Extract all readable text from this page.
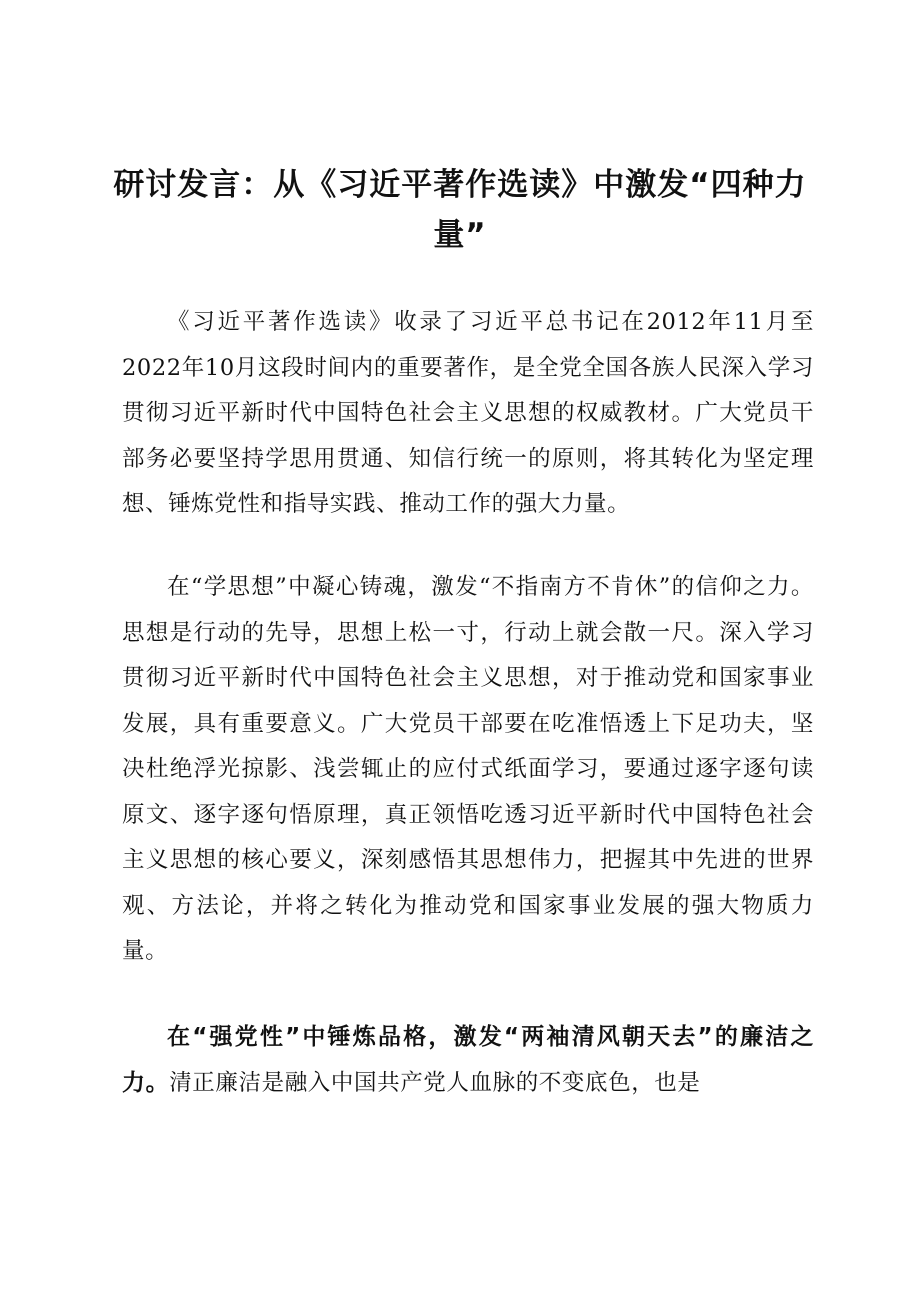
研讨发言：从《习近平著作选读》中激发“四种力量”

《习近平著作选读》收录了习近平总书记在2012年11月至2022年10月这段时间内的重要著作，是全党全国各族人民深入学习贯彻习近平新时代中国特色社会主义思想的权威教材。广大党员干部务必要坚持学思用贯通、知信行统一的原则，将其转化为坚定理想、锤炼党性和指导实践、推动工作的强大力量。

在“学思想”中凝心铸魂，激发“不指南方不肯休”的信仰之力。思想是行动的先导，思想上松一寸，行动上就会散一尺。深入学习贯彻习近平新时代中国特色社会主义思想，对于推动党和国家事业发展，具有重要意义。广大党员干部要在吃准悟透上下足功夫，坚决杜绝浮光掠影、浅尝辄止的应付式纸面学习，要通过逐字逐句读原文、逐字逐句悟原理，真正领悟吃透习近平新时代中国特色社会主义思想的核心要义，深刻感悟其思想伟力，把握其中先进的世界观、方法论，并将之转化为推动党和国家事业发展的强大物质力量。

在“强党性”中锤炼品格，激发“两袖清风朝天去”的廉洁之力。清正廉洁是融入中国共产党人血脉的不变底色，也是
